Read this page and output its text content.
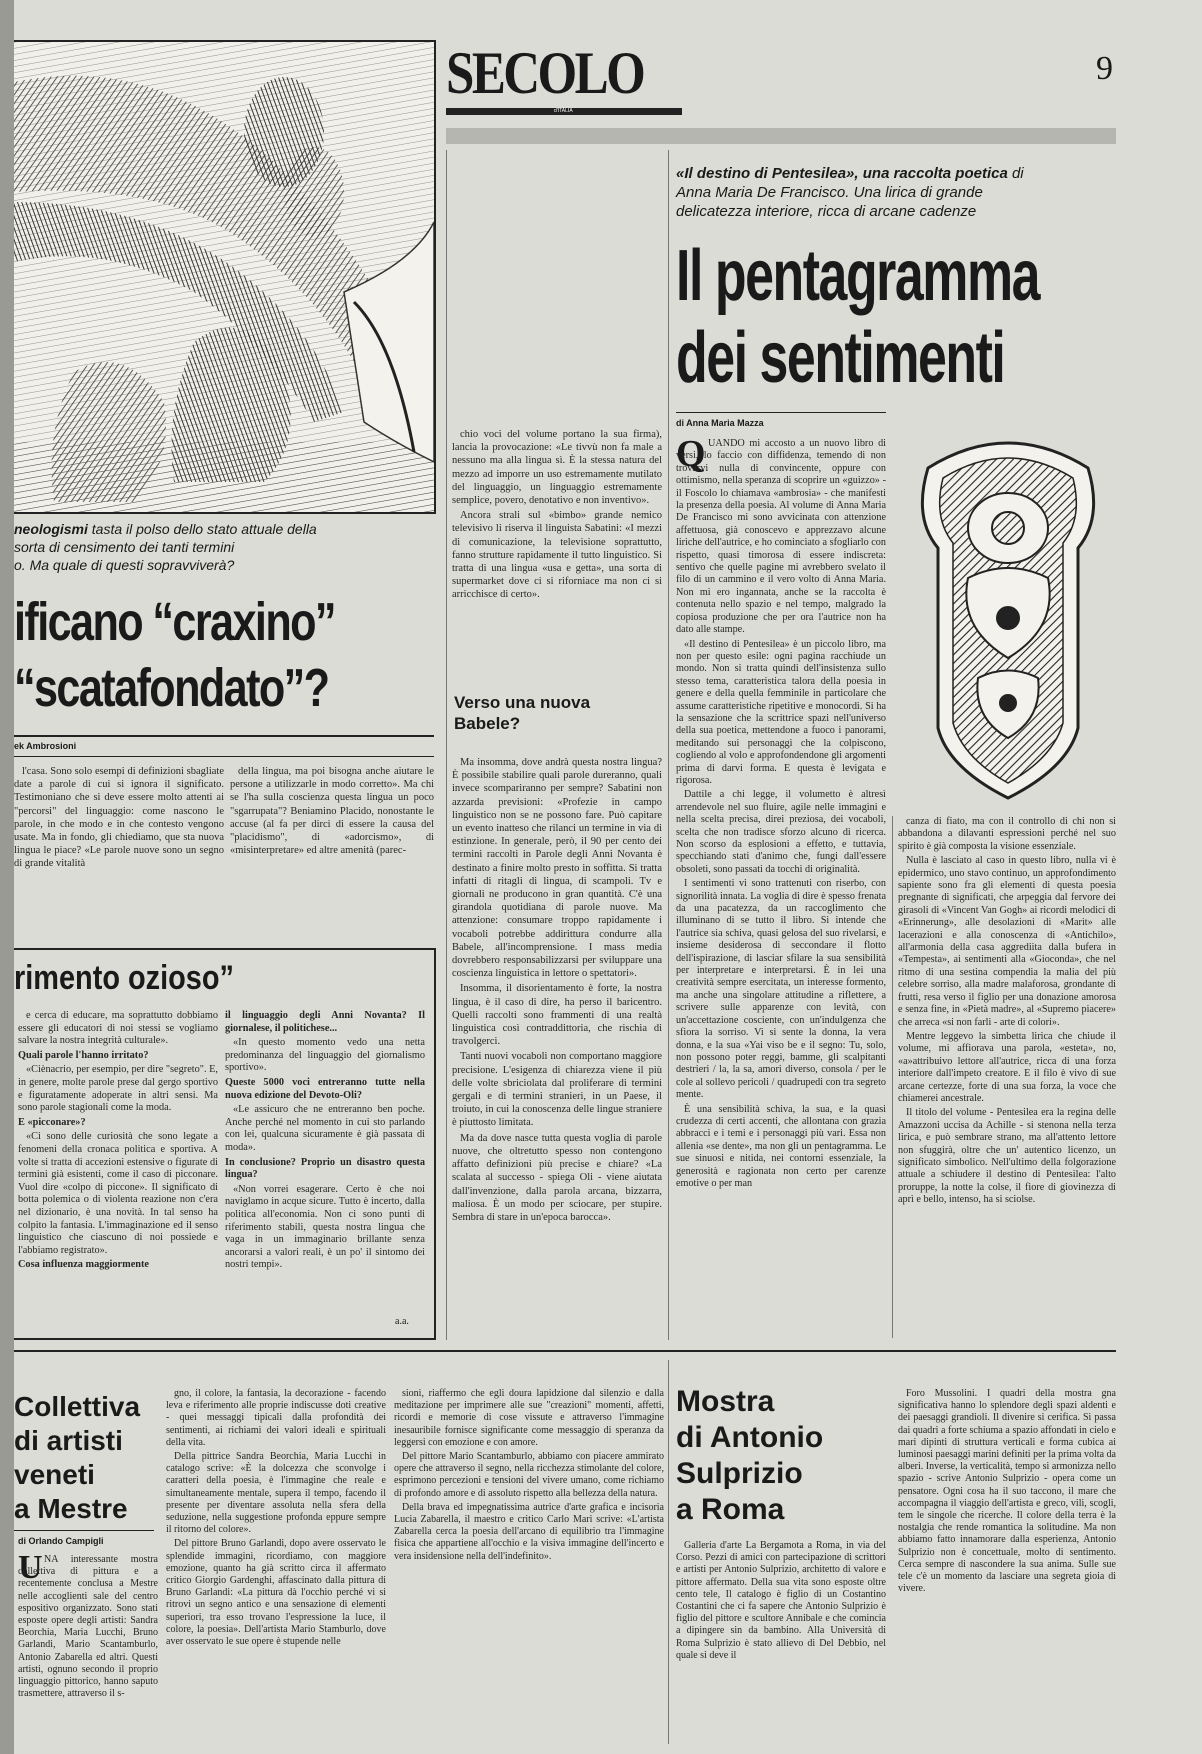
neologismi tasta il polso dello stato attuale della
sorta di censimento dei tanti termini
o. Ma quale di questi sopravviverà?
ificano “craxino”
“scatafondato”?
ek Ambrosioni

l'casa. Sono solo esempi di definizioni sbagliate date a parole di cui si ignora il significato. Testimoniano che si deve essere molto attenti ai "percorsi" del linguaggio: come nascono le parole, in che modo e in che contesto vengono usate. Ma in fondo, gli chiediamo, que sta nuova lingua le piace? «Le parole nuove sono un segno di grande vitalità

della lingua, ma poi bisogna anche aiutare le persone a utilizzarle in modo corretto». Ma chi se l'ha sulla coscienza questa lingua un poco "sgarrupata"? Beniamino Placido, nonostante le accuse (al fa per dirci di essere la causa del "placidismo", di «adorcismo», di «misinterpretare» ed altre amenità (parec-

rimento ozioso”

e cerca di educare, ma soprattutto dobbiamo essere gli educatori di noi stessi se vogliamo salvare la nostra integrità culturale».

Quali parole l'hanno irritato?

«Ciènacrio, per esempio, per dire "segreto". E, in genere, molte parole prese dal gergo sportivo e figuratamente adoperate in altri sensi. Ma sono parole stagionali come la moda.

E «picconare»?

«Ci sono delle curiosità che sono legate a fenomeni della cronaca politica e sportiva. A volte si tratta di accezioni estensive o figurate di termini già esistenti, come il caso di picconare. Vuol dire «colpo di piccone». Il significato di botta polemica o di violenta reazione non c'era nel dizionario, è una novità. In tal senso ha colpito la fantasia. L'immaginazione ed il senso linguistico che ciascuno di noi possiede e l'abbiamo registrato».

Cosa influenza maggiormente

il linguaggio degli Anni Novanta? Il giornalese, il politichese...

«In questo momento vedo una netta predominanza del linguaggio del giornalismo sportivo».

Queste 5000 voci entreranno tutte nella nuova edizione del Devoto-Oli?

«Le assicuro che ne entreranno ben poche. Anche perché nel momento in cui sto parlando con lei, qualcuna sicuramente è già passata di moda».

In conclusione? Proprio un disastro questa lingua?

«Non vorrei esagerare. Certo è che noi naviglamo in acque sicure. Tutto è incerto, dalla politica all'economia. Non ci sono punti di riferimento stabili, questa nostra lingua che vaga in un immaginario brillante senza ancorarsi a valori reali, è un po' il sintomo dei nostri tempi».

a.a.
SECOLO
d'ITALIA
9

chio voci del volume portano la sua firma), lancia la provocazione: «Le tivvù non fa male a nessuno ma alla lingua sì. È la stessa natura del mezzo ad imporre un uso estremamente mutilato del linguaggio, un linguaggio estremamente semplice, povero, denotativo e non inventivo».

Ancora strali sul «bimbo» grande nemico televisivo li riserva il linguista Sabatini: «I mezzi di comunicazione, la televisione soprattutto, fanno strutture rapidamente il tutto linguistico. Si tratta di una lingua «usa e getta», una sorta di supermarket dove ci si riforniace ma non ci si arricchisce di certo».

Verso una nuova Babele?

Ma insomma, dove andrà questa nostra lingua? È possibile stabilire quali parole dureranno, quali invece scompariranno per sempre? Sabatini non azzarda previsioni: «Profezie in campo linguistico non se ne possono fare. Può capitare un evento inatteso che rilanci un termine in via di estinzione. In generale, però, il 90 per cento dei termini raccolti in Parole degli Anni Novanta è destinato a finire molto presto in soffitta. Si tratta infatti di ritagli di lingua, di scampoli. Tv e giornali ne producono in gran quantità. C'è una girandola quotidiana di parole nuove. Ma attenzione: consumare troppo rapidamente i vocaboli potrebbe addirittura condurre alla Babele, all'incomprensione. I mass media dovrebbero responsabilizzarsi per sviluppare una coscienza linguistica in lettore o spettatori».

Insomma, il disorientamento è forte, la nostra lingua, è il caso di dire, ha perso il baricentro. Quelli raccolti sono frammenti di una realtà linguistica così contraddittoria, che rischia di travolgerci.

Tanti nuovi vocaboli non comportano maggiore precisione. L'esigenza di chiarezza viene il più delle volte sbriciolata dal proliferare di termini gergali e di termini stranieri, in un Paese, il troiuto, in cui la conoscenza delle lingue straniere è piuttosto limitata.

Ma da dove nasce tutta questa voglia di parole nuove, che oltretutto spesso non contengono affatto definizioni più precise e chiare? «La scalata al successo - spiega Oli - viene aiutata dall'invenzione, dalla parola arcana, bizzarra, maliosa. È un modo per sciocare, per stupire. Sembra di stare in un'epoca barocca».

«Il destino di Pentesilea», una raccolta poetica di Anna Maria De Francisco. Una lirica di grande delicatezza interiore, ricca di arcane cadenze
Il pentagramma
dei sentimenti
di Anna Maria Mazza
Q UANDO mi accosto a un nuovo libro di versi, lo faccio con diffidenza, temendo di non trovarvi nulla di convincente, oppure con ottimismo, nella speranza di scoprire un «guizzo» - il Foscolo lo chiamava «ambrosia» - che manifesti la presenza della poesia. Al volume di Anna Maria De Francisco mi sono avvicinata con attenzione affettuosa, già conoscevo e apprezzavo alcune liriche dell'autrice, e ho cominciato a sfogliarlo con rispetto, quasi timorosa di essere indiscreta: sentivo che quelle pagine mi avrebbero svelato il filo di un cammino e il vero volto di Anna Maria. Non mi ero ingannata, anche se la raccolta è contenuta nello spazio e nel tempo, malgrado la copiosa produzione che per ora l'autrice non ha dato alle stampe.

«Il destino di Pentesilea» è un piccolo libro, ma non per questo esile: ogni pagina racchiude un mondo. Non si tratta quindi dell'insistenza sullo stesso tema, caratteristica talora della poesia in genere e della quella femminile in particolare che assume caratteristiche ripetitive e monocordi. Si ha la sensazione che la scrittrice spazi nell'universo della sua poetica, mettendone a fuoco i panorami, meditando sui personaggi che la colpiscono, cogliendo al volo e approfondendone gli argomenti prima di darvi forma. E questa è levigata e rigorosa.

Dattile a chi legge, il volumetto è altresì arrendevole nel suo fluire, agile nelle immagini e nella scelta precisa, direi preziosa, dei vocaboli, scelta che non tradisce sforzo alcuno di ricerca. Non scorso da esplosioni a effetto, e tuttavia, specchiando stati d'animo che, fungi dall'essere obsoleti, sono passati da tocchi di originalità.

I sentimenti vi sono trattenuti con riserbo, con signorilità innata. La voglia di dire è spesso frenata da una pacatezza, da un raccoglimento che illuminano di se tutto il libro. Si intende che l'autrice sia schiva, quasi gelosa del suo rivelarsi, e insieme desiderosa di seccondare il flotto dell'ispirazione, di lasciar sfilare la sua sensibilità per interpretare e interpretarsi. È in lei una creatività sempre esercitata, un interesse formento, ma anche una singolare attitudine a riflettere, a scrivere sulle apparenze con levità, con un'accettazione cosciente, con un'indulgenza che sfiora la sorriso. Vi si sente la donna, la vera donna, e la sua «Yai viso be e il segno: Tu, solo, non possono poter reggi, bamme, gli scalpitanti destrieri / la, la sa, amori diverso, consola / per le cole al sollevo pericoli / quadrupedi con tra segreto mente.

È una sensibilità schiva, la sua, e la quasi crudezza di certi accenti, che allontana con grazia abbracci e i temi e i personaggi più vari. Essa non allenia «se dente», ma non gli un pentagramma. Le sue sinuosi e nitida, nei contorni essenziale, la generosità e ragionata non certo per carenze emotive o per man

canza di fiato, ma con il controllo di chi non si abbandona a dilavanti espressioni perché nel suo spirito è già composta la visione essenziale.

Nulla è lasciato al caso in questo libro, nulla vi è epidermico, uno stavo continuo, un approfondimento sapiente sono fra gli elementi di questa poesia pregnante di significati, che arpeggia dal fervore dei girasoli di «Vincent Van Gogh» ai ricordi melodici di «Erinnerung», alle desolazioni di «Marit» alle lacerazioni e alla conoscenza di «Antichilo», all'armonia della casa aggrediita dalla bufera in «Tempesta», ai sentimenti alla «Gioconda», che nel ritmo di una sestina compendia la malia del più celebre sorriso, alla madre malaforosa, grondante di frutti, resa verso il figlio per una donazione amorosa e senza fine, in «Pietà madre», al «Supremo piacere» che arreca «si non farli - arte di colori».

Mentre leggevo la simbetta lirica che chiude il volume, mi affiorava una parola, «esteta», no, «a»attribuivo lettore all'autrice, ricca di una forza interiore dall'impeto creatore. E il filo è vivo di sue arcane certezze, forte di una sua forza, la voce che chiamerei ancestrale.

Il titolo del volume - Pentesilea era la regina delle Amazzoni uccisa da Achille - si stenona nella terza lirica, e può sembrare strano, ma all'attento lettore non sfuggirà, oltre che un' autentico licenzo, un significato simbolico. Nell'ultimo della folgorazione attuale a schiudere il destino di Pentesilea: l'alto proruppe, la notte la colse, il fiore di giovinezza di aprì e bello, intenso, ha si sciolse.

Collettiva
di artisti
veneti
a Mestre
di Orlando Campigli
U NA interessante mostra collettiva di pittura e a recentemente conclusa a Mestre nelle accoglienti sale del centro espositivo organizzato. Sono stati esposte opere degli artisti: Sandra Beorchia, Maria Lucchi, Bruno Garlandi, Mario Scantamburlo, Antonio Zabarella ed altri. Questi artisti, ognuno secondo il proprio linguaggio pittorico, hanno saputo trasmettere, attraverso il s-

gno, il colore, la fantasia, la decorazione - facendo leva e riferimento alle proprie indiscusse doti creative - quei messaggi tipicali dalla profondità dei sentimenti, ai richiami dei valori ideali e spirituali della vita.

Della pittrice Sandra Beorchia, Maria Lucchi in catalogo scrive: «È la dolcezza che sconvolge i caratteri della poesia, è l'immagine che reale e simultaneamente mentale, supera il tempo, facendo il presente per diventare assoluta nella sfera della seduzione, nella suggestione profonda eppure sempre il ritorno del colore».

Del pittore Bruno Garlandi, dopo avere osservato le splendide immagini, ricordiamo, con maggiore emozione, quanto ha già scritto circa il affermato critico Giorgio Gardenghi, affascinato dalla pittura di Bruno Garlandi: «La pittura dà l'occhio perché vi si ritrovi un segno antico e una sensazione di elementi superiori, tra esso trovano l'espressione la luce, il colore, la poesia». Dell'artista Mario Stamburlo, dove aver osservato le sue opere è stupende nelle

sioni, riaffermo che egli doura lapidzione dal silenzio e dalla meditazione per imprimere alle sue "creazioni" momenti, affetti, ricordi e memorie di cose vissute e attraverso l'immagine inesauribile fornisce significante come messaggio di speranza da leggersi con emozione e con amore.

Del pittore Mario Scantamburlo, abbiamo con piacere ammirato opere che attraverso il segno, nella ricchezza stimolante del colore, esprimono percezioni e tensioni del vivere umano, come richiamo di profondo amore e di assoluto rispetto alla bellezza della natura.

Della brava ed impegnatissima autrice d'arte grafica e incisoria Lucia Zabarella, il maestro e critico Carlo Mari scrive: «L'artista Zabarella cerca la poesia dell'arcano di equilibrio tra l'immagine fisica che appartiene all'occhio e la visiva immagine dell'incerto e vera insidensione nella dell'indefinito».

Mostra
di Antonio
Sulprizio
a Roma

Galleria d'arte La Bergamota a Roma, in via del Corso. Pezzi di amici con partecipazione di scrittori e artisti per Antonio Sulprizio, architetto di valore e pittore affermato. Della sua vita sono esposte oltre cento tele, Il catalogo è figlio di un Costantino Costantini che ci fa sapere che Antonio Sulprizio è figlio del pittore e scultore Annibale e che comincia a dipingere sin da bambino. Alla Università di Roma Sulprizio è stato allievo di Del Debbio, nel quale si deve il

Foro Mussolini. I quadri della mostra gna significativa hanno lo splendore degli spazi aldenti e dei paesaggi grandioli. Il divenire si cerifica. Si passa dai quadri a forte schiuma a spazio affondati in cielo e mari dipinti di struttura verticali e forma cubica ai luminosi paesaggi marini definiti per la prima volta da alberi. Inverse, la verticalità, tempo si armonizza nello spazio - scrive Antonio Sulprizio - opera come un pensatore. Ogni cosa ha il suo taccono, il mare che accompagna il viaggio dell'artista e greco, vili, scogli, tem le singole che ricerche. Il colore della terra è la nostalgia che rende romantica la solitudine. Ma non abbiamo fatto innamorare dalla esperienza, Antonio Sulprizio non è concettuale, molto di sentimento. Cerca sempre di nascondere la sua anima. Sulle sue tele c'è un momento da lasciare una segreta gioia di vivere.
